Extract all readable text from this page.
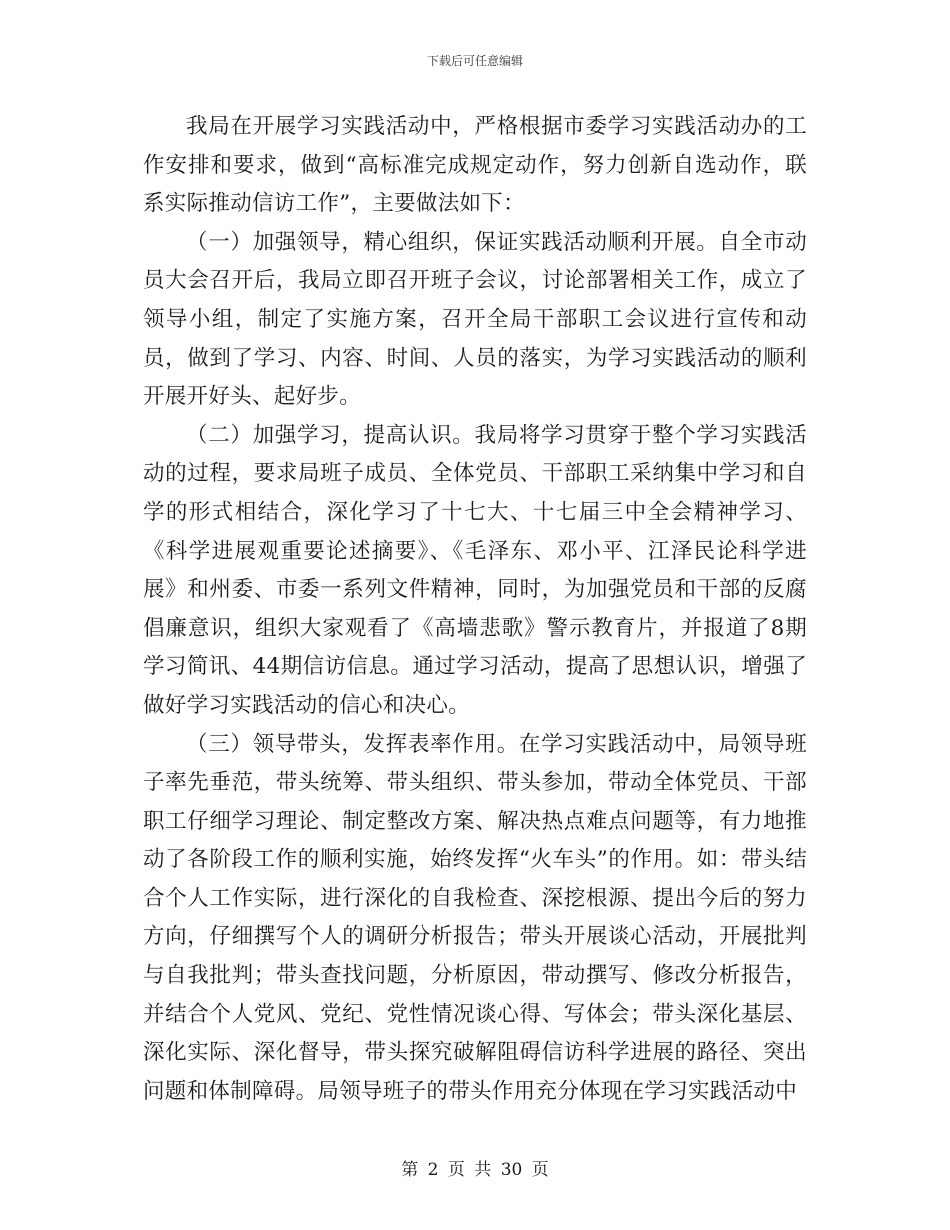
下载后可任意编辑

我局在开展学习实践活动中，严格根据市委学习实践活动办的工作安排和要求，做到“高标准完成规定动作，努力创新自选动作，联系实际推动信访工作”，主要做法如下：

（一）加强领导，精心组织，保证实践活动顺利开展。自全市动员大会召开后，我局立即召开班子会议，讨论部署相关工作，成立了领导小组，制定了实施方案，召开全局干部职工会议进行宣传和动员，做到了学习、内容、时间、人员的落实，为学习实践活动的顺利开展开好头、起好步。

（二）加强学习，提高认识。我局将学习贯穿于整个学习实践活动的过程，要求局班子成员、全体党员、干部职工采纳集中学习和自学的形式相结合，深化学习了十七大、十七届三中全会精神学习、《科学进展观重要论述摘要》、《毛泽东、邓小平、江泽民论科学进展》和州委、市委一系列文件精神，同时，为加强党员和干部的反腐倡廉意识，组织大家观看了《高墙悲歌》警示教育片，并报道了8期学习简讯、44期信访信息。通过学习活动，提高了思想认识，增强了做好学习实践活动的信心和决心。

（三）领导带头，发挥表率作用。在学习实践活动中，局领导班子率先垂范，带头统筹、带头组织、带头参加，带动全体党员、干部职工仔细学习理论、制定整改方案、解决热点难点问题等，有力地推动了各阶段工作的顺利实施，始终发挥“火车头”的作用。如：带头结合个人工作实际，进行深化的自我检查、深挖根源、提出今后的努力方向，仔细撰写个人的调研分析报告；带头开展谈心活动，开展批判与自我批判；带头查找问题，分析原因，带动撰写、修改分析报告，并结合个人党风、党纪、党性情况谈心得、写体会；带头深化基层、深化实际、深化督导，带头探究破解阻碍信访科学进展的路径、突出问题和体制障碍。局领导班子的带头作用充分体现在学习实践活动中

第 2 页 共 30 页
